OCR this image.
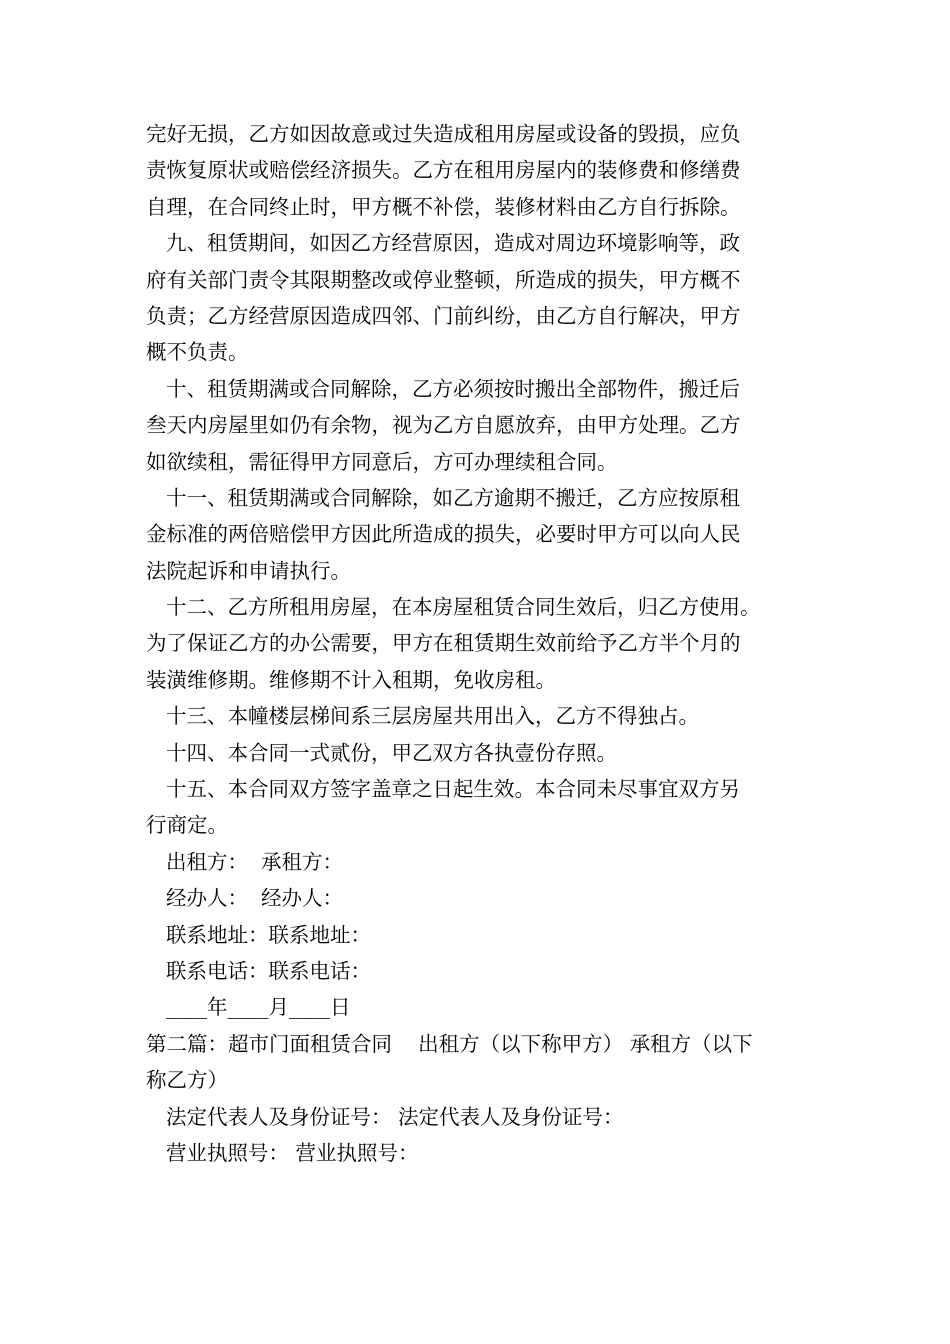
完好无损，乙方如因故意或过失造成租用房屋或设备的毁损，应负
责恢复原状或赔偿经济损失。乙方在租用房屋内的装修费和修缮费
自理，在合同终止时，甲方概不补偿，装修材料由乙方自行拆除。
九、租赁期间，如因乙方经营原因，造成对周边环境影响等，政
府有关部门责令其限期整改或停业整顿，所造成的损失，甲方概不
负责；乙方经营原因造成四邻、门前纠纷，由乙方自行解决，甲方
概不负责。
十、租赁期满或合同解除，乙方必须按时搬出全部物件，搬迁后
叁天内房屋里如仍有余物，视为乙方自愿放弃，由甲方处理。乙方
如欲续租，需征得甲方同意后，方可办理续租合同。
十一、租赁期满或合同解除，如乙方逾期不搬迁，乙方应按原租
金标准的两倍赔偿甲方因此所造成的损失，必要时甲方可以向人民
法院起诉和申请执行。
十二、乙方所租用房屋，在本房屋租赁合同生效后，归乙方使用。
为了保证乙方的办公需要，甲方在租赁期生效前给予乙方半个月的
装潢维修期。维修期不计入租期，免收房租。
十三、本幢楼层梯间系三层房屋共用出入，乙方不得独占。
十四、本合同一式贰份，甲乙双方各执壹份存照。
十五、本合同双方签字盖章之日起生效。本合同未尽事宜双方另
行商定。
出租方：  承租方：
经办人：  经办人：
联系地址：联系地址：
联系电话：联系电话：
____年____月____日
第二篇：超市门面租赁合同    出租方（以下称甲方） 承租方（以下
称乙方）
法定代表人及身份证号： 法定代表人及身份证号：
营业执照号： 营业执照号：
